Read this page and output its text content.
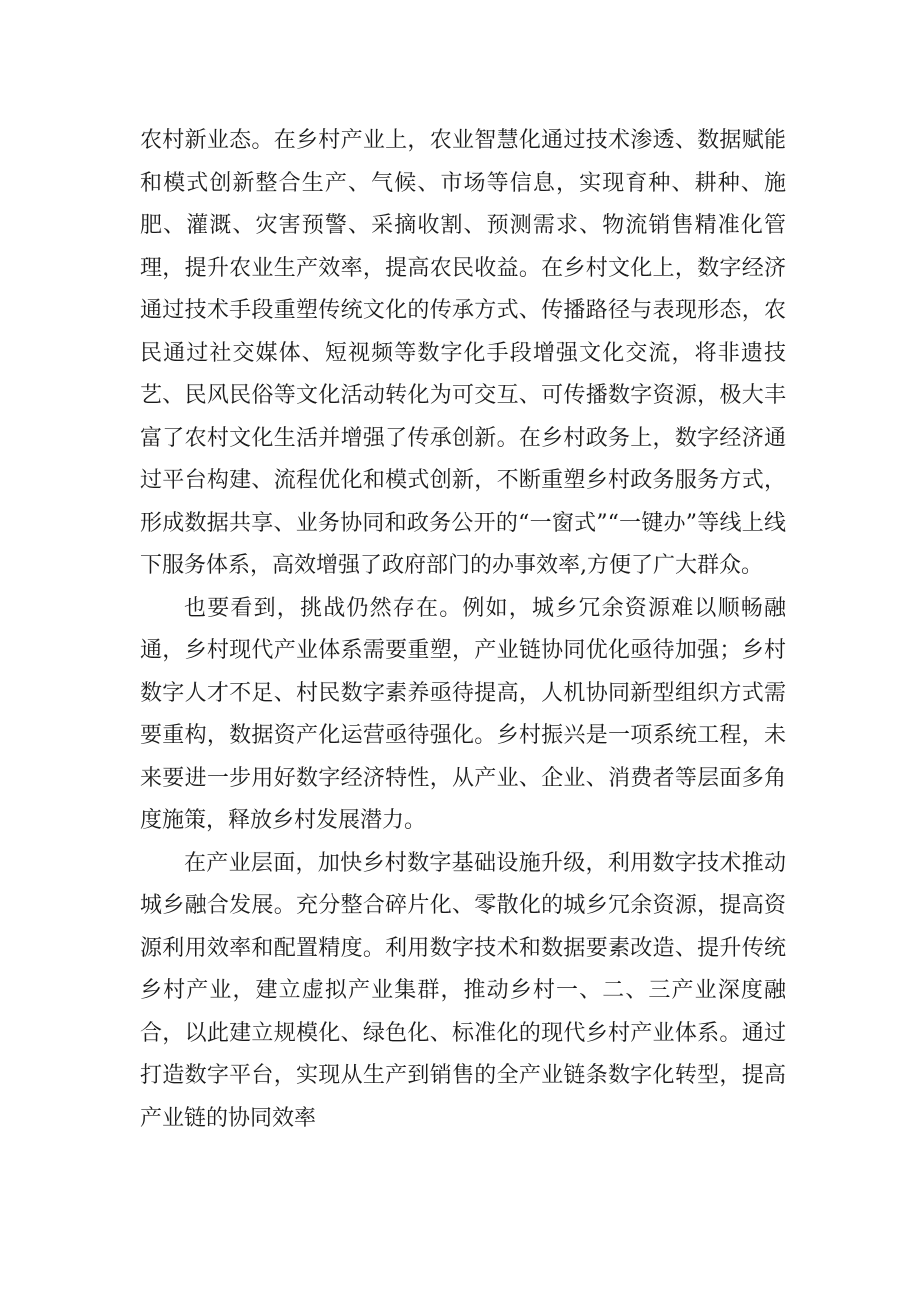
农村新业态。在乡村产业上，农业智慧化通过技术渗透、数据赋能和模式创新整合生产、气候、市场等信息，实现育种、耕种、施肥、灌溉、灾害预警、采摘收割、预测需求、物流销售精准化管理，提升农业生产效率，提高农民收益。在乡村文化上，数字经济通过技术手段重塑传统文化的传承方式、传播路径与表现形态，农民通过社交媒体、短视频等数字化手段增强文化交流，将非遗技艺、民风民俗等文化活动转化为可交互、可传播数字资源，极大丰富了农村文化生活并增强了传承创新。在乡村政务上，数字经济通过平台构建、流程优化和模式创新，不断重塑乡村政务服务方式，形成数据共享、业务协同和政务公开的“一窗式”“一键办”等线上线下服务体系，高效增强了政府部门的办事效率,方便了广大群众。

也要看到，挑战仍然存在。例如，城乡冗余资源难以顺畅融通，乡村现代产业体系需要重塑，产业链协同优化亟待加强；乡村数字人才不足、村民数字素养亟待提高，人机协同新型组织方式需要重构，数据资产化运营亟待强化。乡村振兴是一项系统工程，未来要进一步用好数字经济特性，从产业、企业、消费者等层面多角度施策，释放乡村发展潜力。

在产业层面，加快乡村数字基础设施升级，利用数字技术推动城乡融合发展。充分整合碎片化、零散化的城乡冗余资源，提高资源利用效率和配置精度。利用数字技术和数据要素改造、提升传统乡村产业，建立虚拟产业集群，推动乡村一、二、三产业深度融合，以此建立规模化、绿色化、标准化的现代乡村产业体系。通过打造数字平台，实现从生产到销售的全产业链条数字化转型，提高产业链的协同效率
